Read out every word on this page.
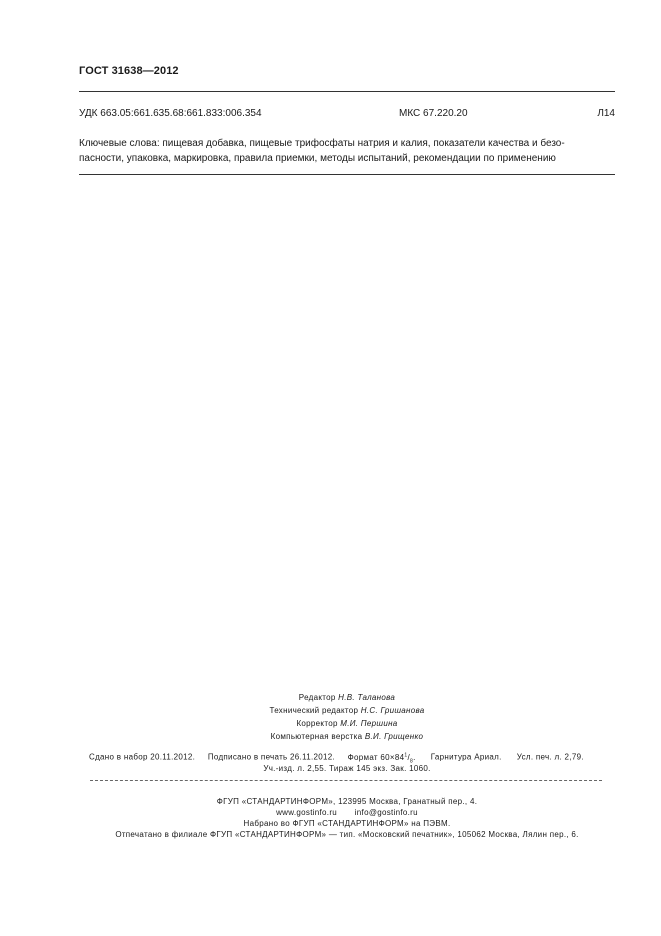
ГОСТ 31638—2012
УДК 663.05:661.635.68:661.833:006.354	МКС 67.220.20	Л14
Ключевые слова: пищевая добавка, пищевые трифосфаты натрия и калия, показатели качества и безо-
пасности, упаковка, маркировка, правила приемки, методы испытаний, рекомендации по применению
Редактор Н.В. Таланова
Технический редактор Н.С. Гришанова
Корректор М.И. Першина
Компьютерная верстка В.И. Грищенко
Сдано в набор 20.11.2012. Подписано в печать 26.11.2012. Формат $60\times 84^1/_8$. Гарнитура Ариал. Усл. печ. л. 2,79.
Уч.-изд. л. 2,55. Тираж 145 экз. Зак. 1060.
ФГУП «СТАНДАРТИНФОРМ», 123995 Москва, Гранатный пер., 4.
www.gostinfo.ru info@gostinfo.ru
Набрано во ФГУП «СТАНДАРТИНФОРМ» на ПЭВМ.
Отпечатано в филиале ФГУП «СТАНДАРТИНФОРМ» — тип. «Московский печатник», 105062 Москва, Лялин пер., 6.
